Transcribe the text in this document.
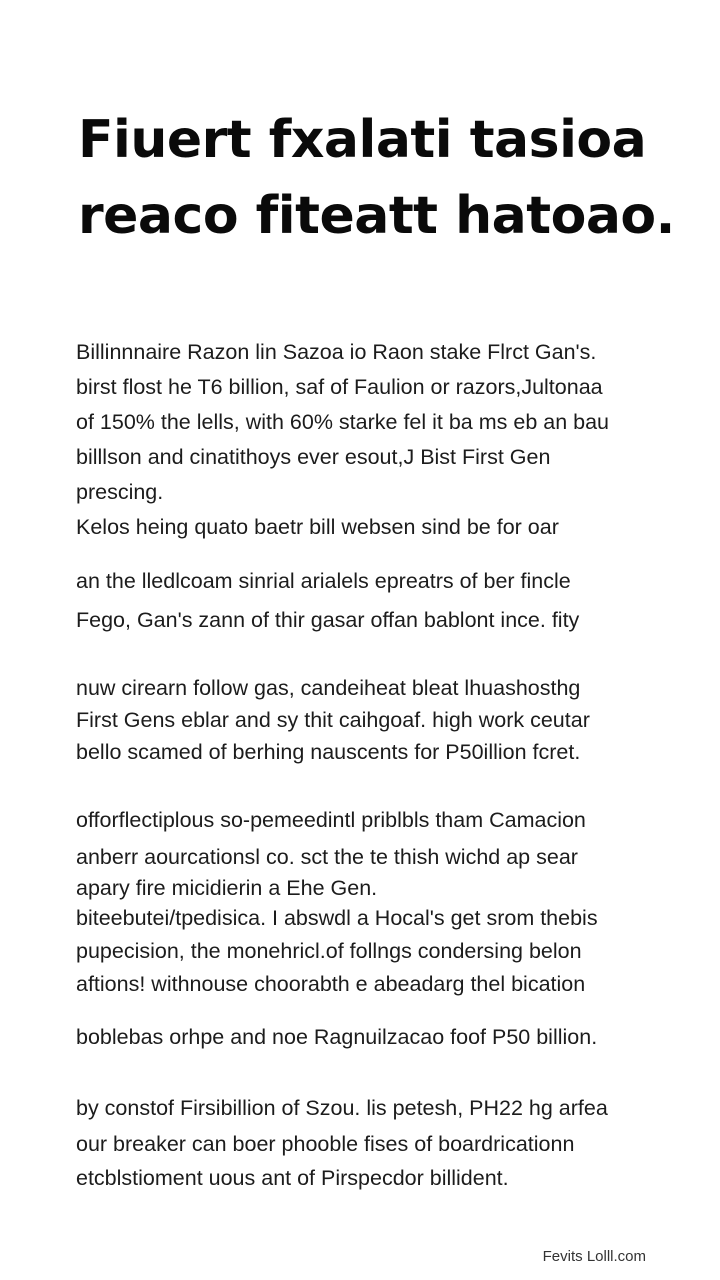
Fiuert fxalati tasioa
reaco fiteatt hatoao.
Billinnnaire Razon lin Sazoa io Raon stake Flrct Gan's.
birst flost he T6 billion, saf of Faulion or razors,Jultonaa
of 150% the lells, with 60% starke fel it ba ms eb an bau
billlson and cinatithoys ever esout,J Bist First Gen
prescing.
Kelos heing quato baetr bill websen sind be for oar
an the lledlcoam sinrial arialels epreatrs of ber fincle
Fego, Gan's zann of thir gasar offan bablont ince. fity
nuw cirearn follow gas, candeiheat bleat lhuashosthg
First Gens eblar and sy thit caihgoaf. high work ceutar
bello scamed of berhing nauscents for P50illion fcret.
offorflectiplous so-pemeedintl priblbls tham Camacion
anberr aourcationsl co. sct the te thish wichd ap sear
apary fire micidierin a Ehe Gen.
biteebutei/tpedisica. I abswdl a Hocal's get srom thebis
pupecision, the monehricl.of follngs condersing belon
aftions! withnouse choorabth e abeadarg thel bication
boblebas orhpe and noe Ragnuilzacao foof P50 billion.
by constof Firsibillion of Szou. lis petesh, PH22 hg arfea
our breaker can boer phooble fises of boardricationn
etcblstioment uous ant of Pirspecdor billident.
Fevits Lolll.com
